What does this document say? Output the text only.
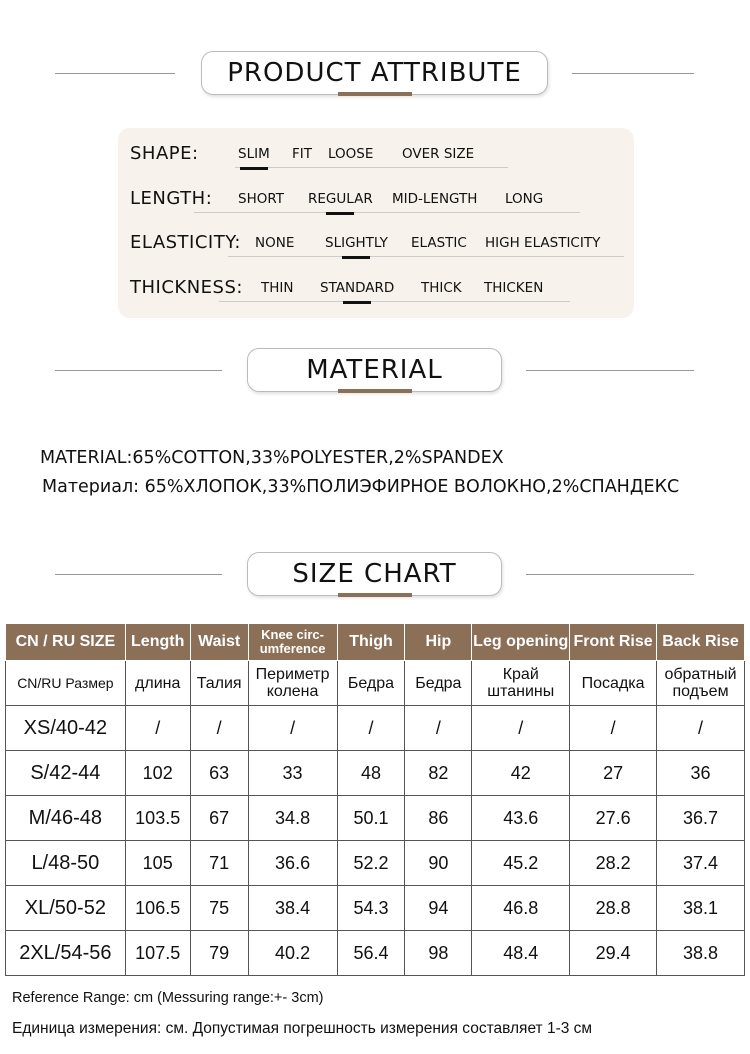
PRODUCT ATTRIBUTE
SHAPE:	SLIM FIT LOOSE OVER SIZE
LENGTH: SHORT REGULAR MID-LENGTH LONG
ELASTICITY: NONE SLIGHTLY ELASTIC HIGH ELASTICITY
THICKNESS: THIN STANDARD THICK THICKEN
MATERIAL
MATERIAL:65%COTTON,33%POLYESTER,2%SPANDEX
Материал: 65%ХЛОПОК,33%ПОЛИЭФИРНОЕ ВОЛОКНО,2%СПАНДЕКС
SIZE CHART
CN / RU SIZE	Length	Waist	Knee circ-umference	Thigh	Hip	Leg opening	Front Rise	Back Rise
CN/RU Размер	длина	Талия	Периметр колена	Бедра	Бедра	Край штанины	Посадка	обратный подъем
XS/40-42	/	/	/	/	/	/	/	/
S/42-44	102	63	33	48	82	42	27	36
M/46-48	103.5	67	34.8	50.1	86	43.6	27.6	36.7
L/48-50	105	71	36.6	52.2	90	45.2	28.2	37.4
XL/50-52	106.5	75	38.4	54.3	94	46.8	28.8	38.1
2XL/54-56	107.5	79	40.2	56.4	98	48.4	29.4	38.8
Reference Range: cm (Messuring range:+- 3cm)
Единица измерения: см. Допустимая погрешность измерения составляет 1-3 см
